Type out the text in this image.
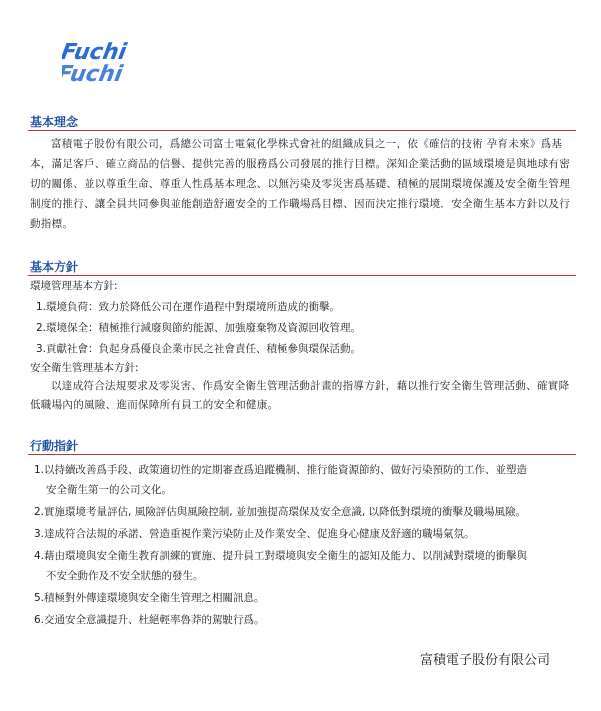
Fuchi
Fuchi
基本理念

富積電子股份有限公司，爲總公司富士電氣化學株式會社的組織成員之一，依《確信的技術 孕育未來》爲基本，滿足客戶、確立商品的信譽、提供完善的服務爲公司發展的推行目標。深知企業活動的區域環境是與地球有密切的關係、並以尊重生命、尊重人性爲基本理念、以無污染及零災害爲基礎、積極的展開環境保護及安全衛生管理制度的推行、讓全員共同參與並能創造舒適安全的工作職場爲目標、因而決定推行環境．安全衛生基本方針以及行動指標。

基本方針

環境管理基本方針:

1.環境負荷：致力於降低公司在運作過程中對環境所造成的衝擊。

2.環境保全：積極推行減廢與節約能源、加強廢棄物及資源回收管理。

3.貢獻社會：負起身爲優良企業市民之社會責任、積極參與環保活動。

安全衛生管理基本方針:

以達成符合法規要求及零災害、作爲安全衛生管理活動計畫的指導方針，藉以推行安全衛生管理活動、確實降低職場內的風險、進而保障所有員工的安全和健康。

行動指針
1.以持續改善爲手段、政策適切性的定期審查爲追蹤機制、推行能資源節約、做好污染預防的工作、並塑造
安全衛生第一的公司文化。
2.實施環境考量評估, 風險評估與風險控制, 並加強提高環保及安全意識, 以降低對環境的衝擊及職場風險。
3.達成符合法規的承諾、營造重視作業污染防止及作業安全、促進身心健康及舒適的職場氣氛。
4.藉由環境與安全衛生教育訓練的實施、提升員工對環境與安全衛生的認知及能力、以削減對環境的衝擊與
不安全動作及不安全狀態的發生。
5.積極對外傳達環境與安全衛生管理之相關訊息。
6.交通安全意識提升、杜絕輕率魯莽的駕駛行爲。

富積電子股份有限公司
